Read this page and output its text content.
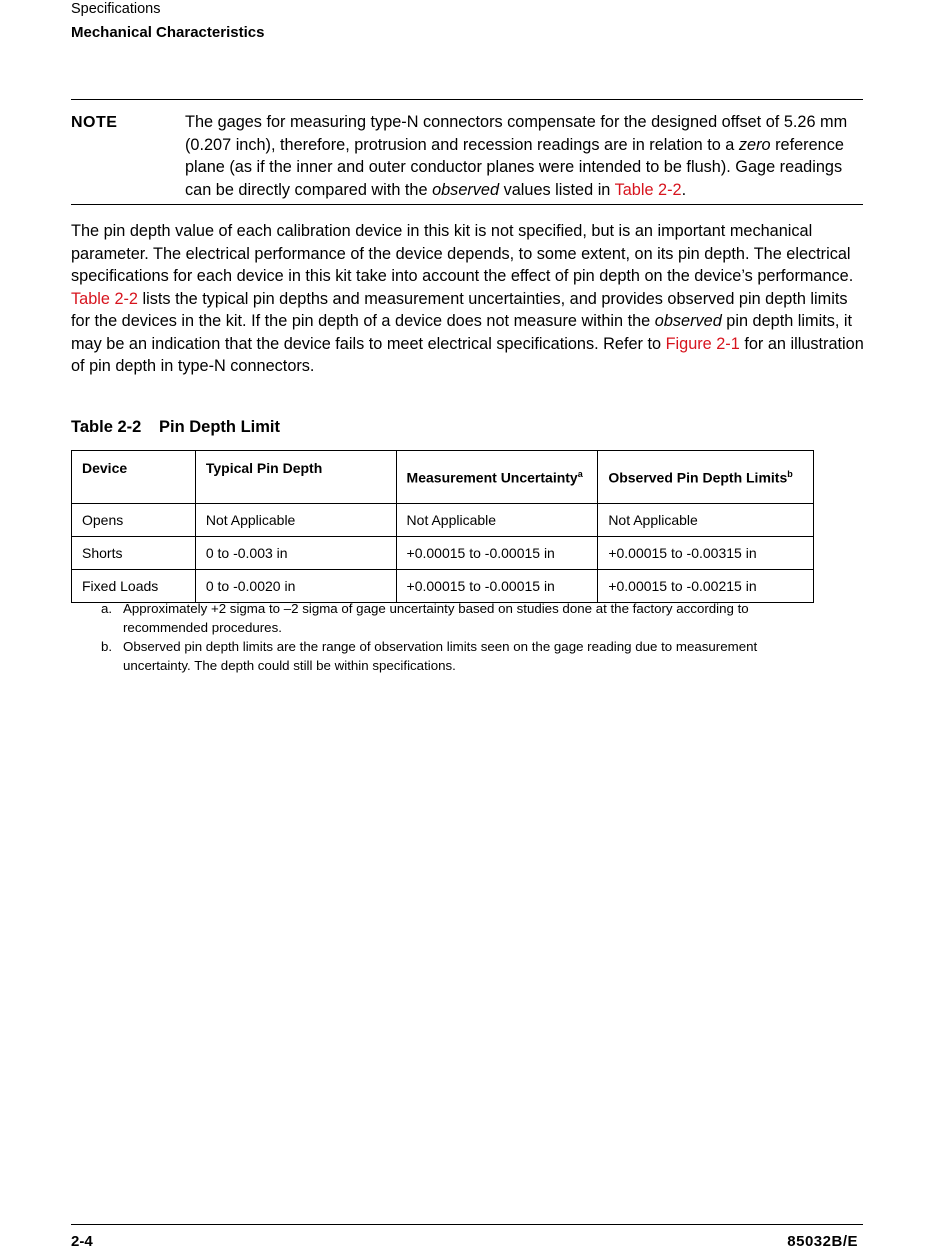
Specifications
Mechanical Characteristics
NOTE	The gages for measuring type-N connectors compensate for the designed offset of 5.26 mm (0.207 inch), therefore, protrusion and recession readings are in relation to a zero reference plane (as if the inner and outer conductor planes were intended to be flush). Gage readings can be directly compared with the observed values listed in Table 2-2.
The pin depth value of each calibration device in this kit is not specified, but is an important mechanical parameter. The electrical performance of the device depends, to some extent, on its pin depth. The electrical specifications for each device in this kit take into account the effect of pin depth on the device’s performance. Table 2-2 lists the typical pin depths and measurement uncertainties, and provides observed pin depth limits for the devices in the kit. If the pin depth of a device does not measure within the observed pin depth limits, it may be an indication that the device fails to meet electrical specifications. Refer to Figure 2-1 for an illustration of pin depth in type-N connectors.
Table 2-2 Pin Depth Limit
Device	Typical Pin Depth	Measurement Uncertainty$^a$	Observed Pin Depth Limits$^b$
Opens	Not Applicable	Not Applicable	Not Applicable
Shorts	0 to -0.003 in	+0.00015 to -0.00015 in	+0.00015 to -0.00315 in
Fixed Loads	0 to -0.0020 in	+0.00015 to -0.00015 in	+0.00015 to -0.00215 in
a. Approximately +2 sigma to –2 sigma of gage uncertainty based on studies done at the factory according to recommended procedures.
b. Observed pin depth limits are the range of observation limits seen on the gage reading due to measurement uncertainty. The depth could still be within specifications.
2-4	85032B/E
